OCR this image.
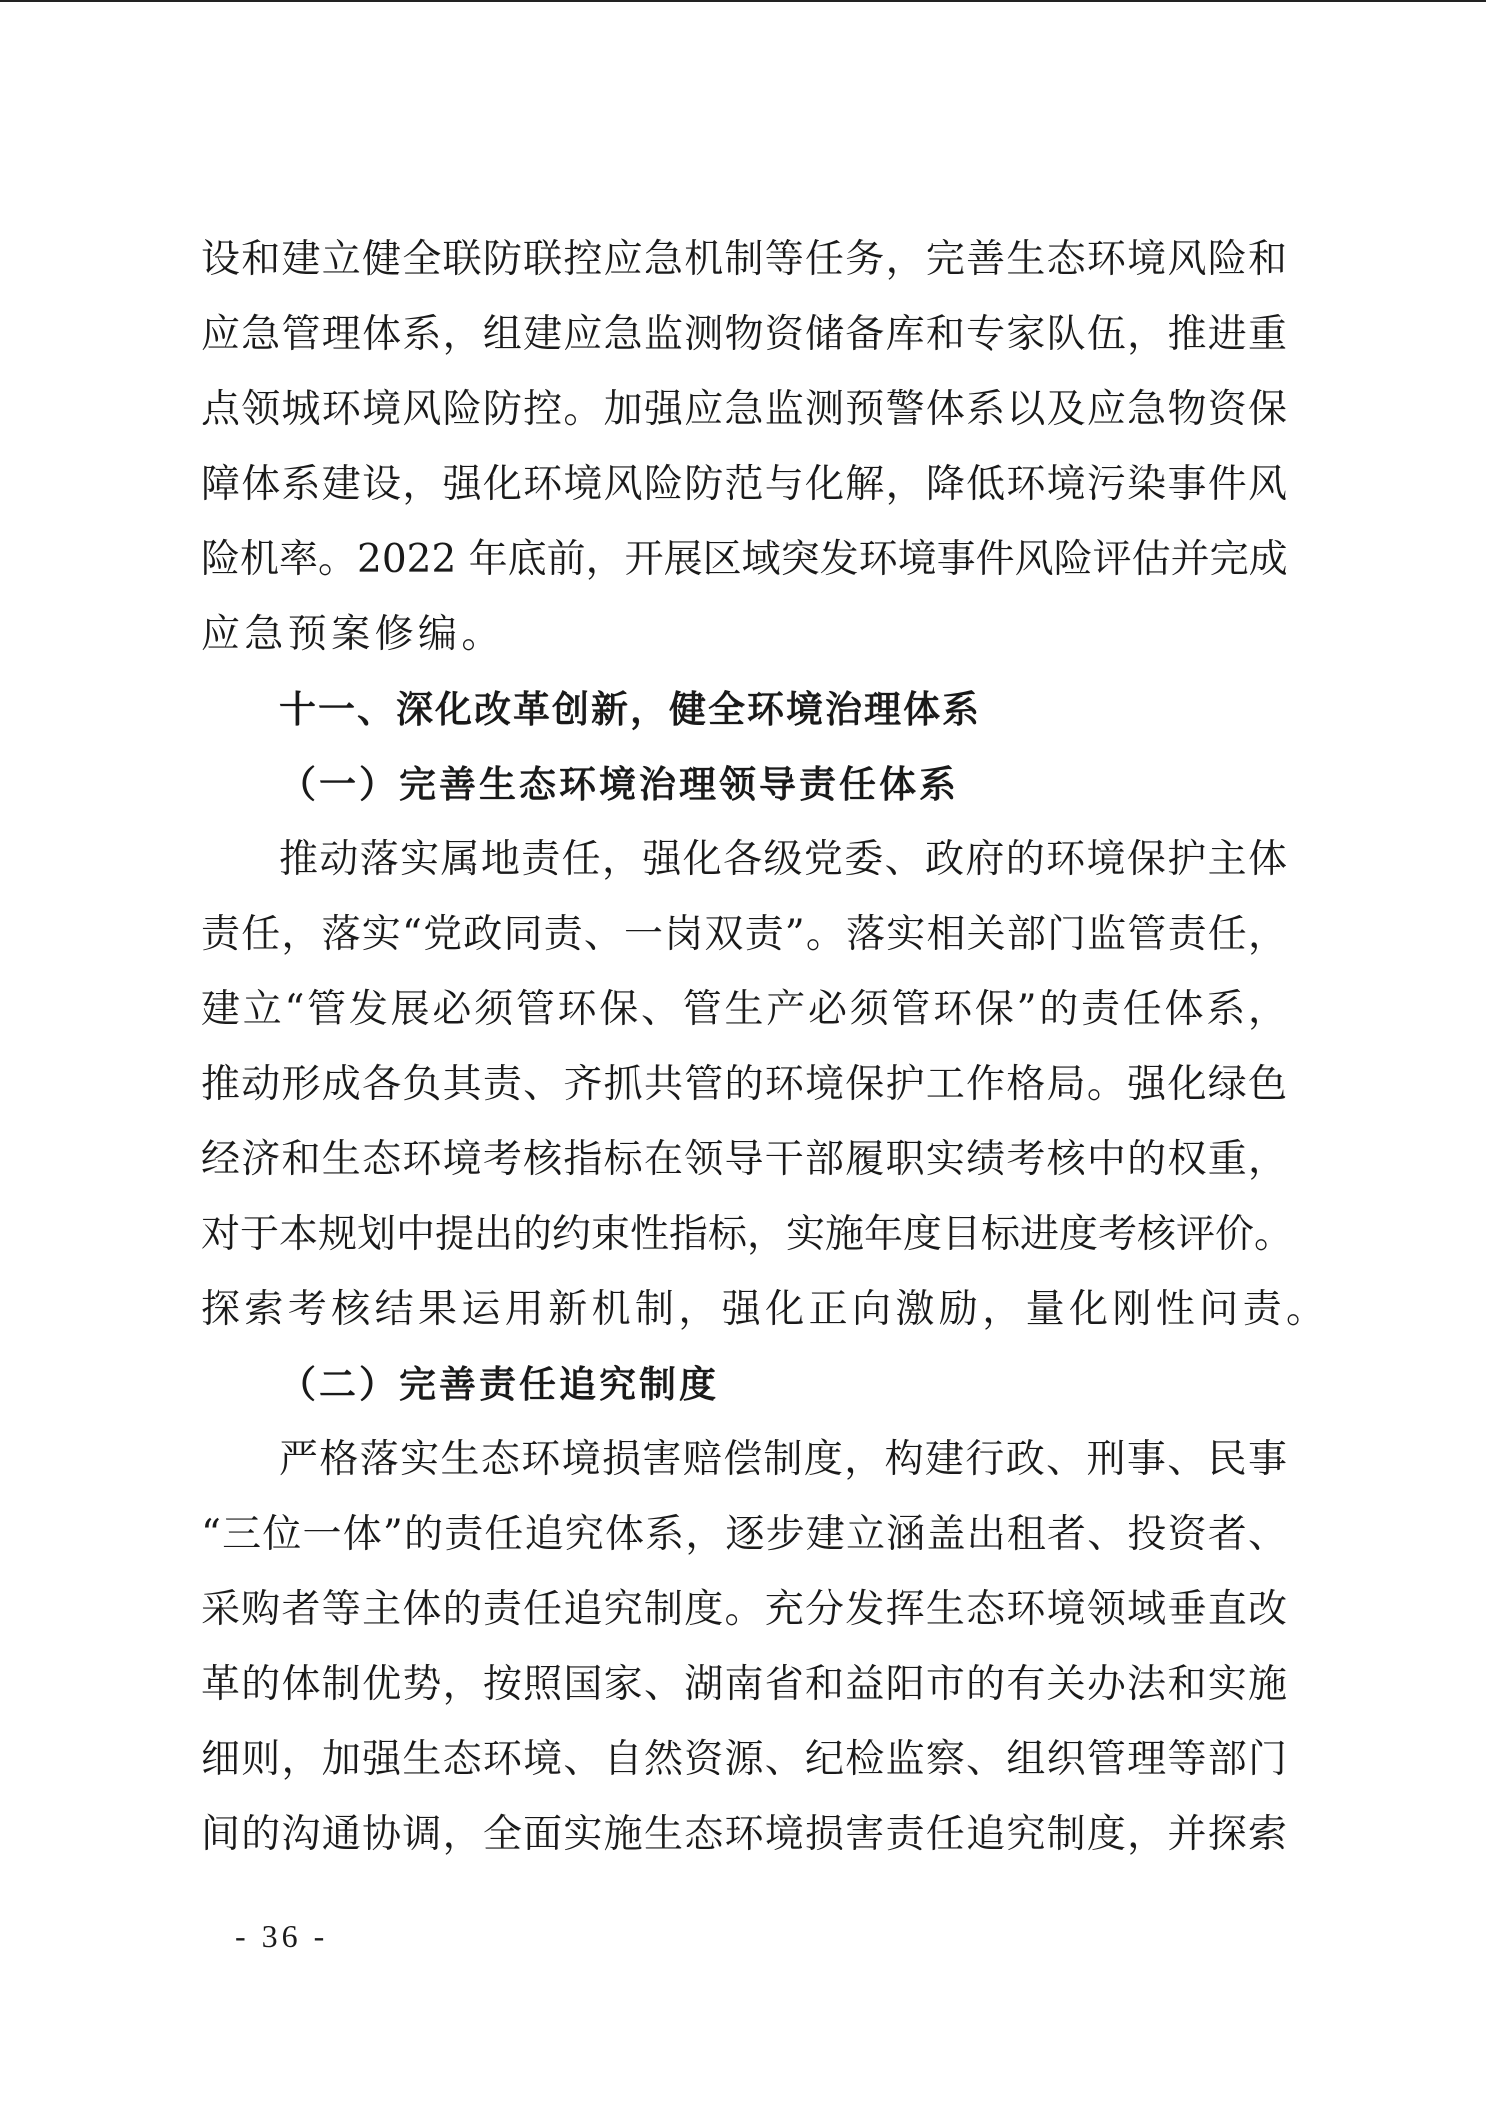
设和建立健全联防联控应急机制等任务，完善生态环境风险和
应急管理体系，组建应急监测物资储备库和专家队伍，推进重
点领城环境风险防控。加强应急监测预警体系以及应急物资保
障体系建设，强化环境风险防范与化解，降低环境污染事件风
险机率。2022 年底前，开展区域突发环境事件风险评估并完成
应急预案修编。
十一、深化改革创新，健全环境治理体系
（一）完善生态环境治理领导责任体系
推动落实属地责任，强化各级党委、政府的环境保护主体
责任，落实“党政同责、一岗双责”。落实相关部门监管责任，
建立“管发展必须管环保、管生产必须管环保”的责任体系，
推动形成各负其责、齐抓共管的环境保护工作格局。强化绿色
经济和生态环境考核指标在领导干部履职实绩考核中的权重，
对于本规划中提出的约束性指标，实施年度目标进度考核评价。
探索考核结果运用新机制，强化正向激励，量化刚性问责。
（二）完善责任追究制度
严格落实生态环境损害赔偿制度，构建行政、刑事、民事
“三位一体”的责任追究体系，逐步建立涵盖出租者、投资者、
采购者等主体的责任追究制度。充分发挥生态环境领域垂直改
革的体制优势，按照国家、湖南省和益阳市的有关办法和实施
细则，加强生态环境、自然资源、纪检监察、组织管理等部门
间的沟通协调，全面实施生态环境损害责任追究制度，并探索
- 36 -
